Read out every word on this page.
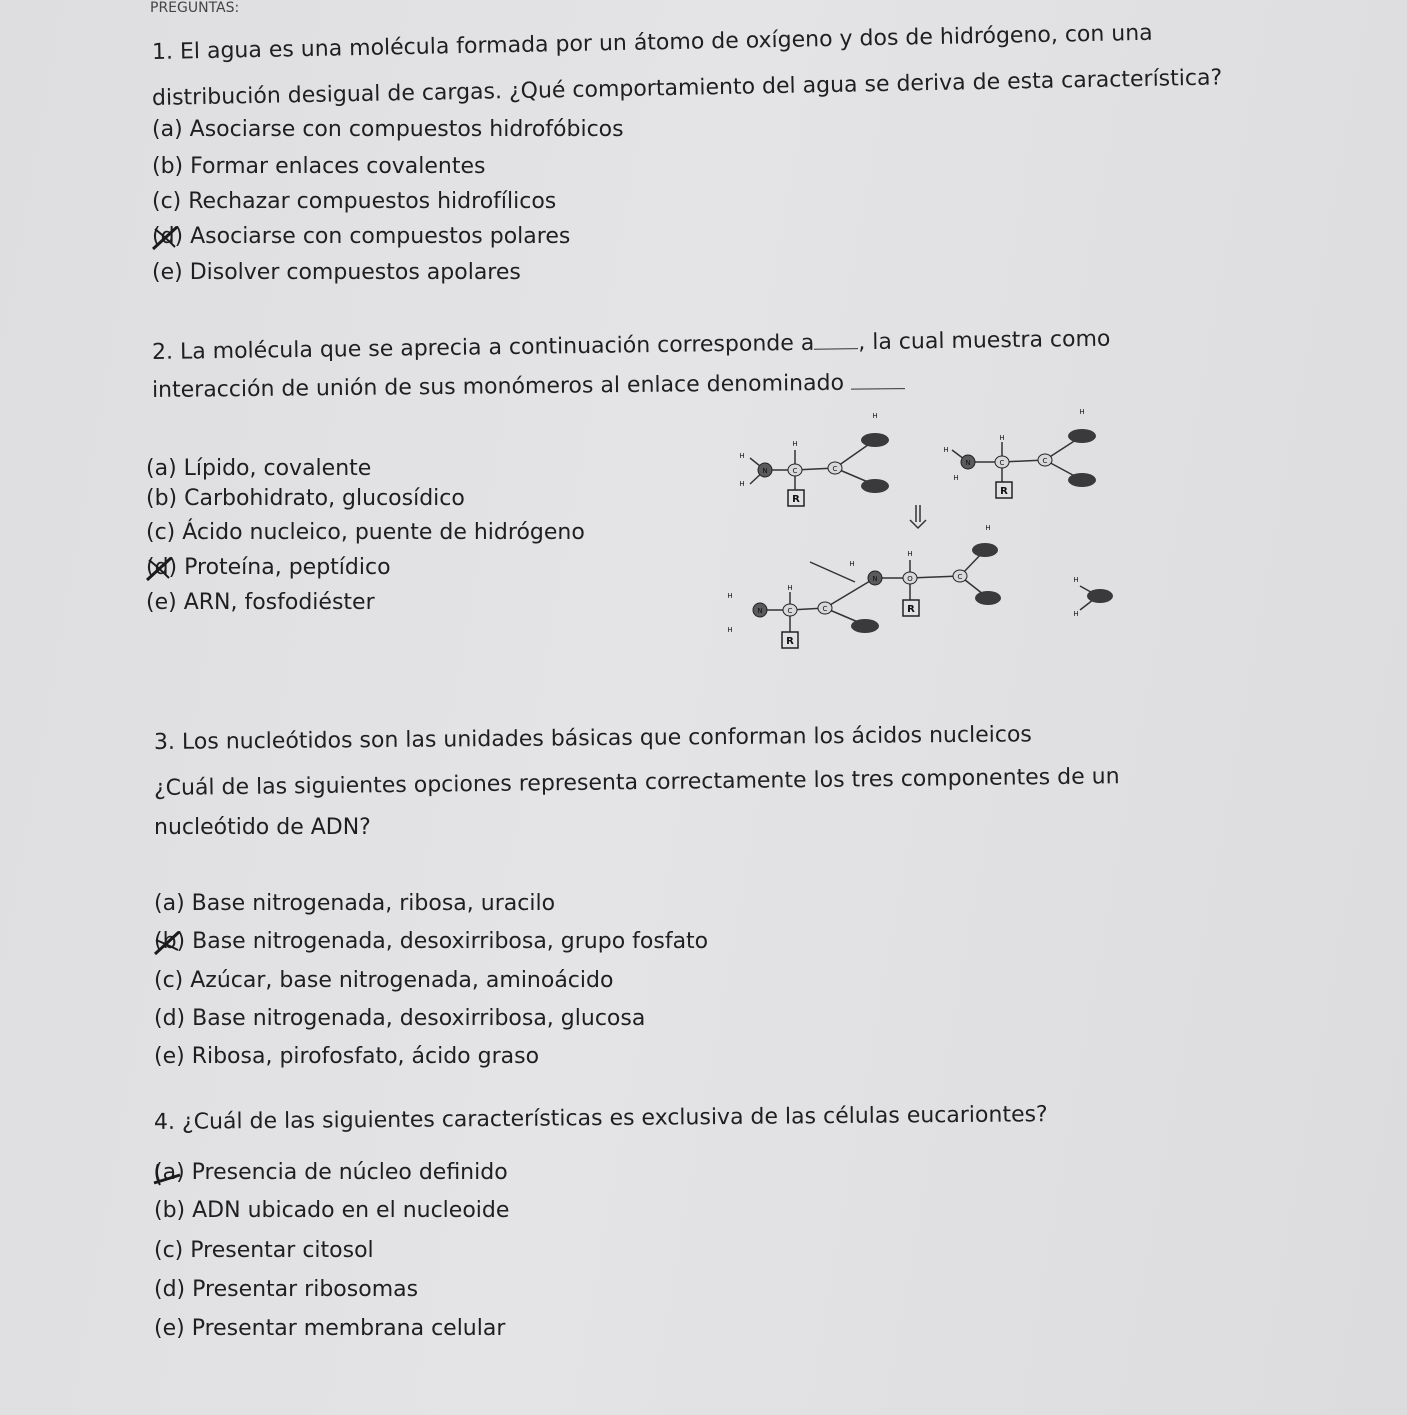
PREGUNTAS:
1. El agua es una molécula formada por un átomo de oxígeno y dos de hidrógeno, con una
distribución desigual de cargas. ¿Qué comportamiento del agua se deriva de esta característica?
(a) Asociarse con compuestos hidrofóbicos
(b) Formar enlaces covalentes
(c) Rechazar compuestos hidrofílicos
(d) Asociarse con compuestos polares
(e) Disolver compuestos apolares
2. La molécula que se aprecia a continuación corresponde a , la cual muestra como
interacción de unión de sus monómeros al enlace denominado
(a) Lípido, covalente
(b) Carbohidrato, glucosídico
(c) Ácido nucleico, puente de hidrógeno
(d) Proteína, peptídico
(e) ARN, fosfodiéster
N	C	C
N	C	C
N	C	C
N	O	C
H
H
H
H
H
H
H
H
H
H
H
H
H
H
H
H
R
R
R
R
3. Los nucleótidos son las unidades básicas que conforman los ácidos nucleicos
¿Cuál de las siguientes opciones representa correctamente los tres componentes de un
nucleótido de ADN?
(a) Base nitrogenada, ribosa, uracilo
(b) Base nitrogenada, desoxirribosa, grupo fosfato
(c) Azúcar, base nitrogenada, aminoácido
(d) Base nitrogenada, desoxirribosa, glucosa
(e) Ribosa, pirofosfato, ácido graso
4. ¿Cuál de las siguientes características es exclusiva de las células eucariontes?
(a) Presencia de núcleo definido
(b) ADN ubicado en el nucleoide
(c) Presentar citosol
(d) Presentar ribosomas
(e) Presentar membrana celular
